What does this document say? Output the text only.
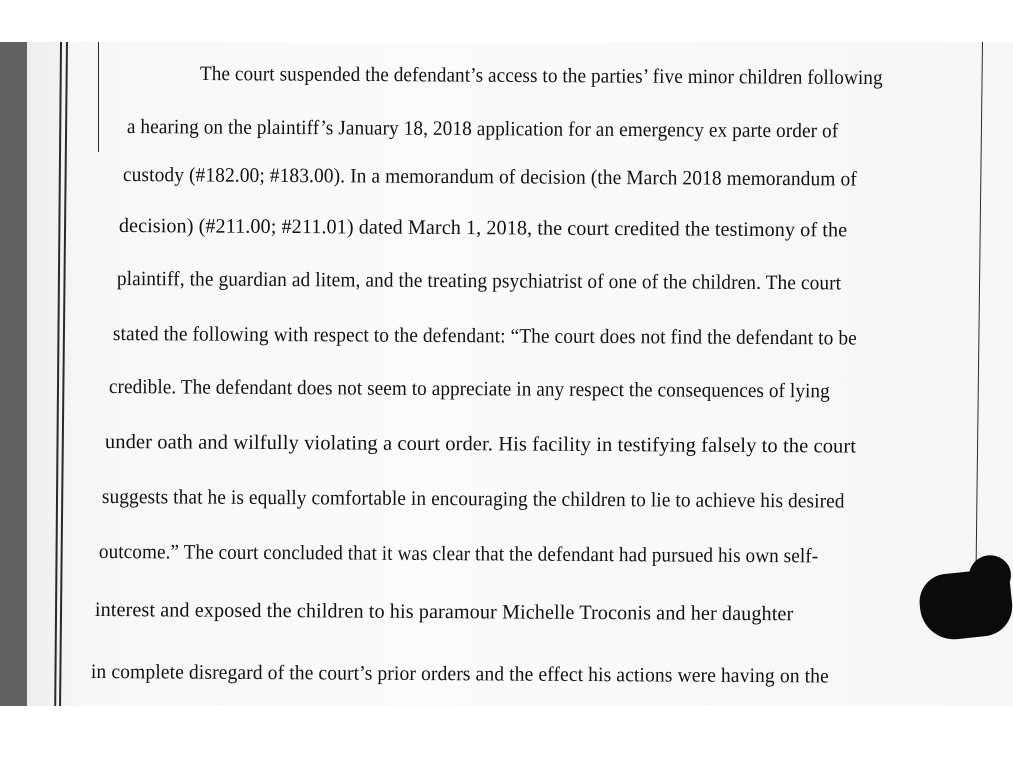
The court suspended the defendant’s access to the parties’ five minor children following
a hearing on the plaintiff’s January 18, 2018 application for an emergency ex parte order of
custody (#182.00; #183.00). In a memorandum of decision (the March 2018 memorandum of
decision) (#211.00; #211.01) dated March 1, 2018, the court credited the testimony of the
plaintiff, the guardian ad litem, and the treating psychiatrist of one of the children. The court
stated the following with respect to the defendant: “The court does not find the defendant to be
credible. The defendant does not seem to appreciate in any respect the consequences of lying
under oath and wilfully violating a court order. His facility in testifying falsely to the court
suggests that he is equally comfortable in encouraging the children to lie to achieve his desired
outcome.” The court concluded that it was clear that the defendant had pursued his own self-
interest and exposed the children to his paramour Michelle Troconis and her daughter
in complete disregard of the court’s prior orders and the effect his actions were having on the
